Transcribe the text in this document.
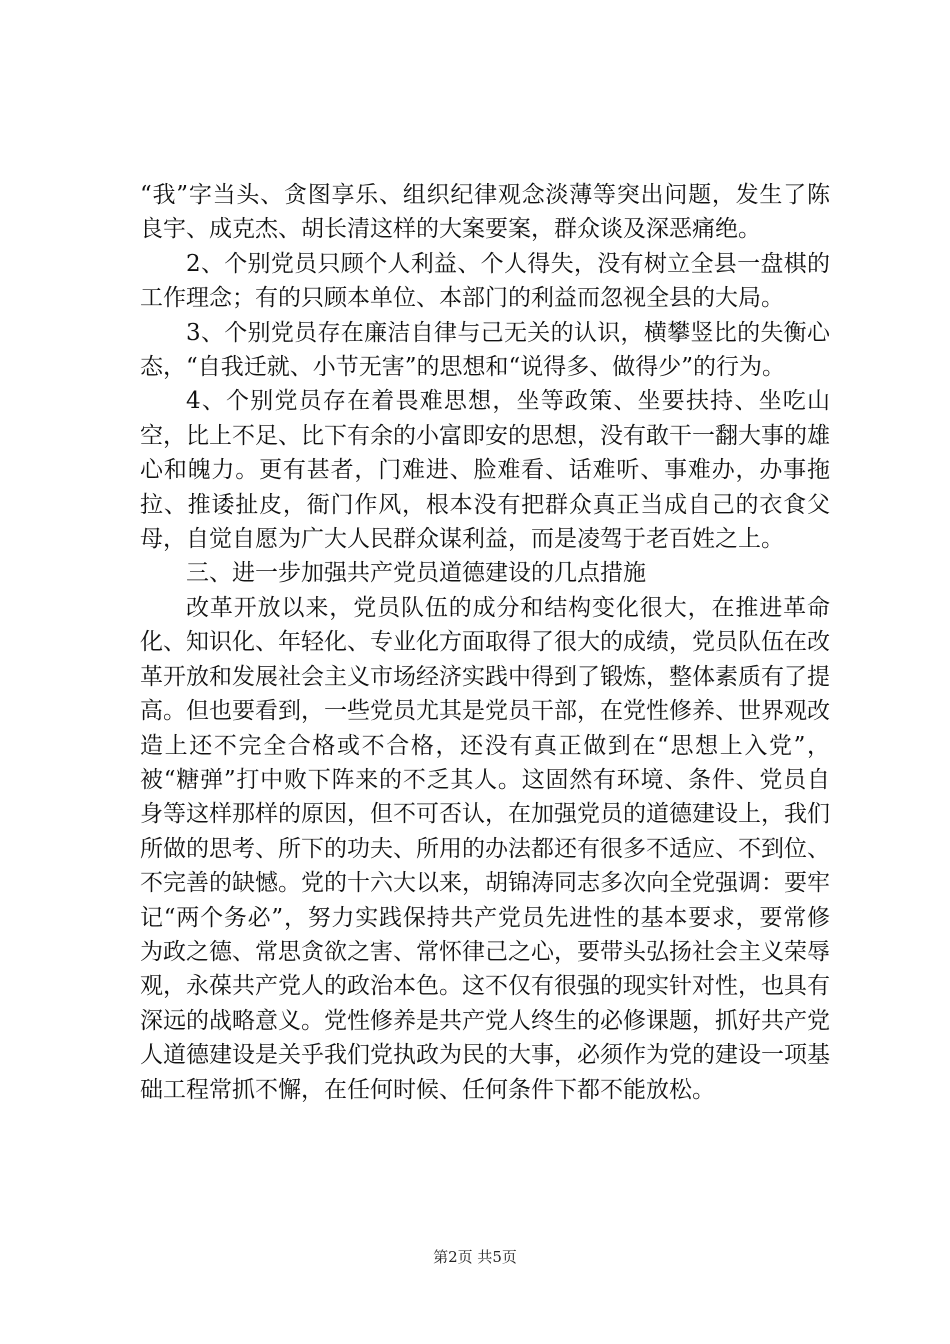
“我”字当头、贪图享乐、组织纪律观念淡薄等突出问题，发生了陈良宇、成克杰、胡长清这样的大案要案，群众谈及深恶痛绝。

2、个别党员只顾个人利益、个人得失，没有树立全县一盘棋的工作理念；有的只顾本单位、本部门的利益而忽视全县的大局。

3、个别党员存在廉洁自律与己无关的认识，横攀竖比的失衡心态，“自我迁就、小节无害”的思想和“说得多、做得少”的行为。

4、个别党员存在着畏难思想，坐等政策、坐要扶持、坐吃山空，比上不足、比下有余的小富即安的思想，没有敢干一翻大事的雄心和魄力。更有甚者，门难进、脸难看、话难听、事难办，办事拖拉、推诿扯皮，衙门作风，根本没有把群众真正当成自己的衣食父母，自觉自愿为广大人民群众谋利益，而是凌驾于老百姓之上。

三、进一步加强共产党员道德建设的几点措施

改革开放以来，党员队伍的成分和结构变化很大，在推进革命化、知识化、年轻化、专业化方面取得了很大的成绩，党员队伍在改革开放和发展社会主义市场经济实践中得到了锻炼，整体素质有了提高。但也要看到，一些党员尤其是党员干部，在党性修养、世界观改造上还不完全合格或不合格，还没有真正做到在“思想上入党”，被“糖弹”打中败下阵来的不乏其人。这固然有环境、条件、党员自身等这样那样的原因，但不可否认，在加强党员的道德建设上，我们所做的思考、所下的功夫、所用的办法都还有很多不适应、不到位、不完善的缺憾。党的十六大以来，胡锦涛同志多次向全党强调：要牢记“两个务必”，努力实践保持共产党员先进性的基本要求，要常修为政之德、常思贪欲之害、常怀律己之心，要带头弘扬社会主义荣辱观，永葆共产党人的政治本色。这不仅有很强的现实针对性，也具有深远的战略意义。党性修养是共产党人终生的必修课题，抓好共产党人道德建设是关乎我们党执政为民的大事，必须作为党的建设一项基础工程常抓不懈，在任何时候、任何条件下都不能放松。

第2页 共5页
